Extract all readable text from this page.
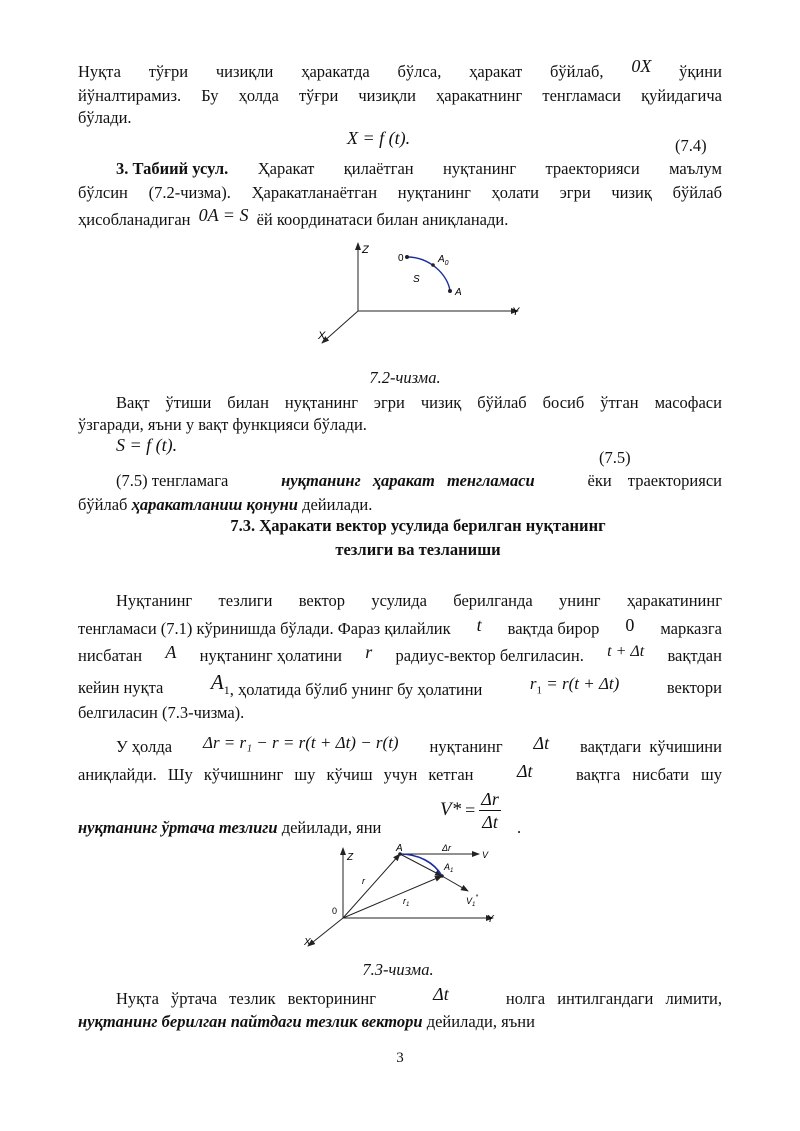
Нуқта тўғри чизиқли ҳаракатда бўлса, ҳаракат бўйлаб, 0X ўқини
йўналтирамиз. Бу ҳолда тўғри чизиқли ҳаракатнинг тенгламаси қуйидагича
бўлади.
X = f (t).	(7.4)
3. Табиий усул. Ҳаракат қилаётган нуқтанинг траекторияси маълум
бўлсин (7.2-чизма). Ҳаракатланаётган нуқтанинг ҳолати эгри чизиқ бўйлаб
ҳисобланадиган 0A = S ёй координатаси билан аниқланади.
Z
Y
X
0	$A_0$
S
A
7.2-чизма.
Вақт ўтиши билан нуқтанинг эгри чизиқ бўйлаб босиб ўтган масофаси
ўзгаради, яъни у вақт функцияси бўлади.
S = f (t).
(7.5)
(7.5) тенгламага	нуқтанинг ҳаракат тенгламаси	ёки траекторияси
бўйлаб ҳаракатланиш қонуни дейилади.
7.3. Ҳаракати вектор усулида берилган нуқтанинг
тезлиги ва тезланиши
Нуқтанинг тезлиги вектор усулида берилганда унинг ҳаракатининг
тенгламаси (7.1) кўринишда бўлади. Фараз қилайлик t вақтда бирор 0 марказга
нисбатан A нуқтанинг ҳолатини r радиус-вектор белгиласин. t + Δt вақтдан
кейин нуқта $A_1$, ҳолатида бўлиб унинг бу ҳолатини	$r_1 = r(t + \Delta t)$	вектори
белгиласин (7.3-чизма).
У ҳолда Δr = r₁ − r = r(t + Δt) − r(t) нуқтанинг Δt вақтдаги кўчишини
аниқлайди. Шу кўчишнинг шу кўчиш учун кетган Δt	вақтга нисбати шу
$V* = \frac{\Delta r}{\Delta t}$
нуқтанинг ўртача тезлиги дейилади, яни	.
Z
Y
X
0
A	Δr
V
$A_1$
r
$r_1$	$V_1^*$
7.3-чизма.
Нуқта ўртача тезлик векторининг	Δt	нолга интилгандаги лимити,
нуқтанинг берилган пайтдаги тезлик вектори дейилади, яъни
3
